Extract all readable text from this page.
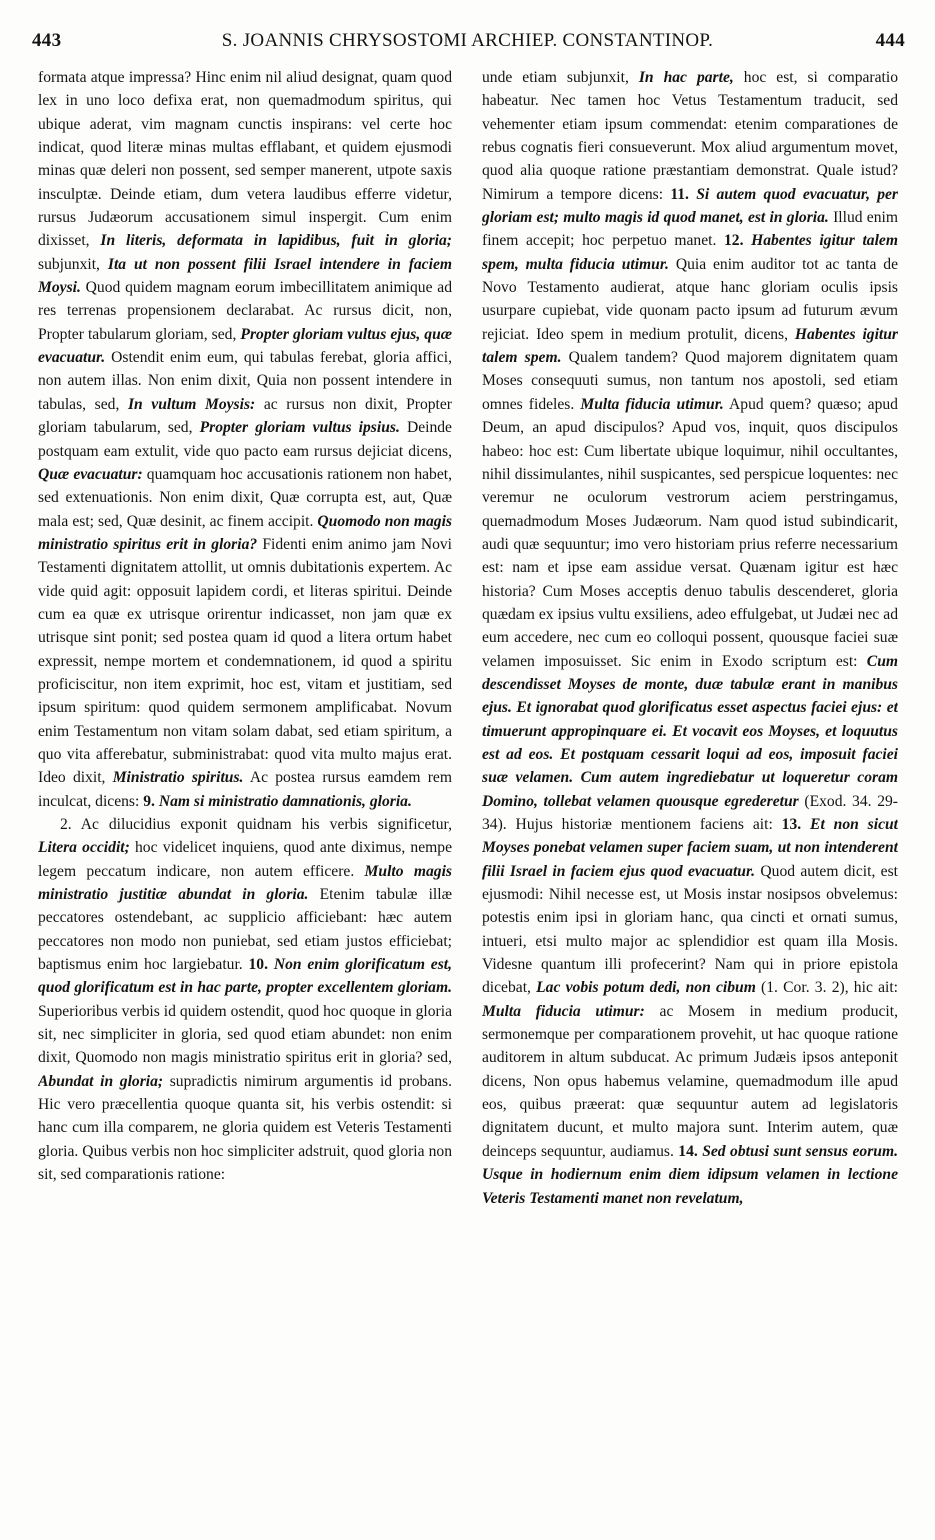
443	S. JOANNIS CHRYSOSTOMI ARCHIEP. CONSTANTINOP.	444

formata atque impressa? Hinc enim nil aliud designat, quam quod lex in uno loco defixa erat, non quemadmodum spiritus, qui ubique aderat, vim magnam cunctis inspirans: vel certe hoc indicat, quod literæ minas multas efflabant, et quidem ejusmodi minas quæ deleri non possent, sed semper manerent, utpote saxis insculptæ. Deinde etiam, dum vetera laudibus efferre videtur, rursus Judæorum accusationem simul inspergit. Cum enim dixisset, In literis, deformata in lapidibus, fuit in gloria; subjunxit, Ita ut non possent filii Israel intendere in faciem Moysi. Quod quidem magnam eorum imbecillitatem animique ad res terrenas propensionem declarabat. Ac rursus dicit, non, Propter tabularum gloriam, sed, Propter gloriam vultus ejus, quæ evacuatur. Ostendit enim eum, qui tabulas ferebat, gloria affici, non autem illas. Non enim dixit, Quia non possent intendere in tabulas, sed, In vultum Moysis: ac rursus non dixit, Propter gloriam tabularum, sed, Propter gloriam vultus ipsius. Deinde postquam eam extulit, vide quo pacto eam rursus dejiciat dicens, Quæ evacuatur: quamquam hoc accusationis rationem non habet, sed extenuationis. Non enim dixit, Quæ corrupta est, aut, Quæ mala est; sed, Quæ desinit, ac finem accipit. Quomodo non magis ministratio spiritus erit in gloria? Fidenti enim animo jam Novi Testamenti dignitatem attollit, ut omnis dubitationis expertem. Ac vide quid agit: opposuit lapidem cordi, et literas spiritui. Deinde cum ea quæ ex utrisque orirentur indicasset, non jam quæ ex utrisque sint ponit; sed postea quam id quod a litera ortum habet expressit, nempe mortem et condemnationem, id quod a spiritu proficiscitur, non item exprimit, hoc est, vitam et justitiam, sed ipsum spiritum: quod quidem sermonem amplificabat. Novum enim Testamentum non vitam solam dabat, sed etiam spiritum, a quo vita afferebatur, subministrabat: quod vita multo majus erat. Ideo dixit, Ministratio spiritus. Ac postea rursus eamdem rem inculcat, dicens: 9. Nam si ministratio damnationis, gloria.

2. Ac dilucidius exponit quidnam his verbis significetur, Litera occidit; hoc videlicet inquiens, quod ante diximus, nempe legem peccatum indicare, non autem efficere. Multo magis ministratio justitiæ abundat in gloria. Etenim tabulæ illæ peccatores ostendebant, ac supplicio afficiebant: hæc autem peccatores non modo non puniebat, sed etiam justos efficiebat; baptismus enim hoc largiebatur. 10. Non enim glorificatum est, quod glorificatum est in hac parte, propter excellentem gloriam. Superioribus verbis id quidem ostendit, quod hoc quoque in gloria sit, nec simpliciter in gloria, sed quod etiam abundet: non enim dixit, Quomodo non magis ministratio spiritus erit in gloria? sed, Abundat in gloria; supradictis nimirum argumentis id probans. Hic vero præcellentia quoque quanta sit, his verbis ostendit: si hanc cum illa comparem, ne gloria quidem est Veteris Testamenti gloria. Quibus verbis non hoc simpliciter adstruit, quod gloria non sit, sed comparationis ratione:

unde etiam subjunxit, In hac parte, hoc est, si comparatio habeatur. Nec tamen hoc Vetus Testamentum traducit, sed vehementer etiam ipsum commendat: etenim comparationes de rebus cognatis fieri consueverunt. Mox aliud argumentum movet, quod alia quoque ratione præstantiam demonstrat. Quale istud? Nimirum a tempore dicens: 11. Si autem quod evacuatur, per gloriam est; multo magis id quod manet, est in gloria. Illud enim finem accepit; hoc perpetuo manet. 12. Habentes igitur talem spem, multa fiducia utimur. Quia enim auditor tot ac tanta de Novo Testamento audierat, atque hanc gloriam oculis ipsis usurpare cupiebat, vide quonam pacto ipsum ad futurum ævum rejiciat. Ideo spem in medium protulit, dicens, Habentes igitur talem spem. Qualem tandem? Quod majorem dignitatem quam Moses consequuti sumus, non tantum nos apostoli, sed etiam omnes fideles. Multa fiducia utimur. Apud quem? quæso; apud Deum, an apud discipulos? Apud vos, inquit, quos discipulos habeo: hoc est: Cum libertate ubique loquimur, nihil occultantes, nihil dissimulantes, nihil suspicantes, sed perspicue loquentes: nec veremur ne oculorum vestrorum aciem perstringamus, quemadmodum Moses Judæorum. Nam quod istud subindicarit, audi quæ sequuntur; imo vero historiam prius referre necessarium est: nam et ipse eam assidue versat. Quænam igitur est hæc historia? Cum Moses acceptis denuo tabulis descenderet, gloria quædam ex ipsius vultu exsiliens, adeo effulgebat, ut Judæi nec ad eum accedere, nec cum eo colloqui possent, quousque faciei suæ velamen imposuisset. Sic enim in Exodo scriptum est: Cum descendisset Moyses de monte, duæ tabulæ erant in manibus ejus. Et ignorabat quod glorificatus esset aspectus faciei ejus: et timuerunt appropinquare ei. Et vocavit eos Moyses, et loquutus est ad eos. Et postquam cessarit loqui ad eos, imposuit faciei suæ velamen. Cum autem ingrediebatur ut loqueretur coram Domino, tollebat velamen quousque egrederetur (Exod. 34. 29-34). Hujus historiæ mentionem faciens ait: 13. Et non sicut Moyses ponebat velamen super faciem suam, ut non intenderent filii Israel in faciem ejus quod evacuatur. Quod autem dicit, est ejusmodi: Nihil necesse est, ut Mosis instar nosipsos obvelemus: potestis enim ipsi in gloriam hanc, qua cincti et ornati sumus, intueri, etsi multo major ac splendidior est quam illa Mosis. Videsne quantum illi profecerint? Nam qui in priore epistola dicebat, Lac vobis potum dedi, non cibum (1. Cor. 3. 2), hic ait: Multa fiducia utimur: ac Mosem in medium producit, sermonemque per comparationem provehit, ut hac quoque ratione auditorem in altum subducat. Ac primum Judæis ipsos anteponit dicens, Non opus habemus velamine, quemadmodum ille apud eos, quibus præerat: quæ sequuntur autem ad legislatoris dignitatem ducunt, et multo majora sunt. Interim autem, quæ deinceps sequuntur, audiamus. 14. Sed obtusi sunt sensus eorum. Usque in hodiernum enim diem idipsum velamen in lectione Veteris Testamenti manet non revelatum,
